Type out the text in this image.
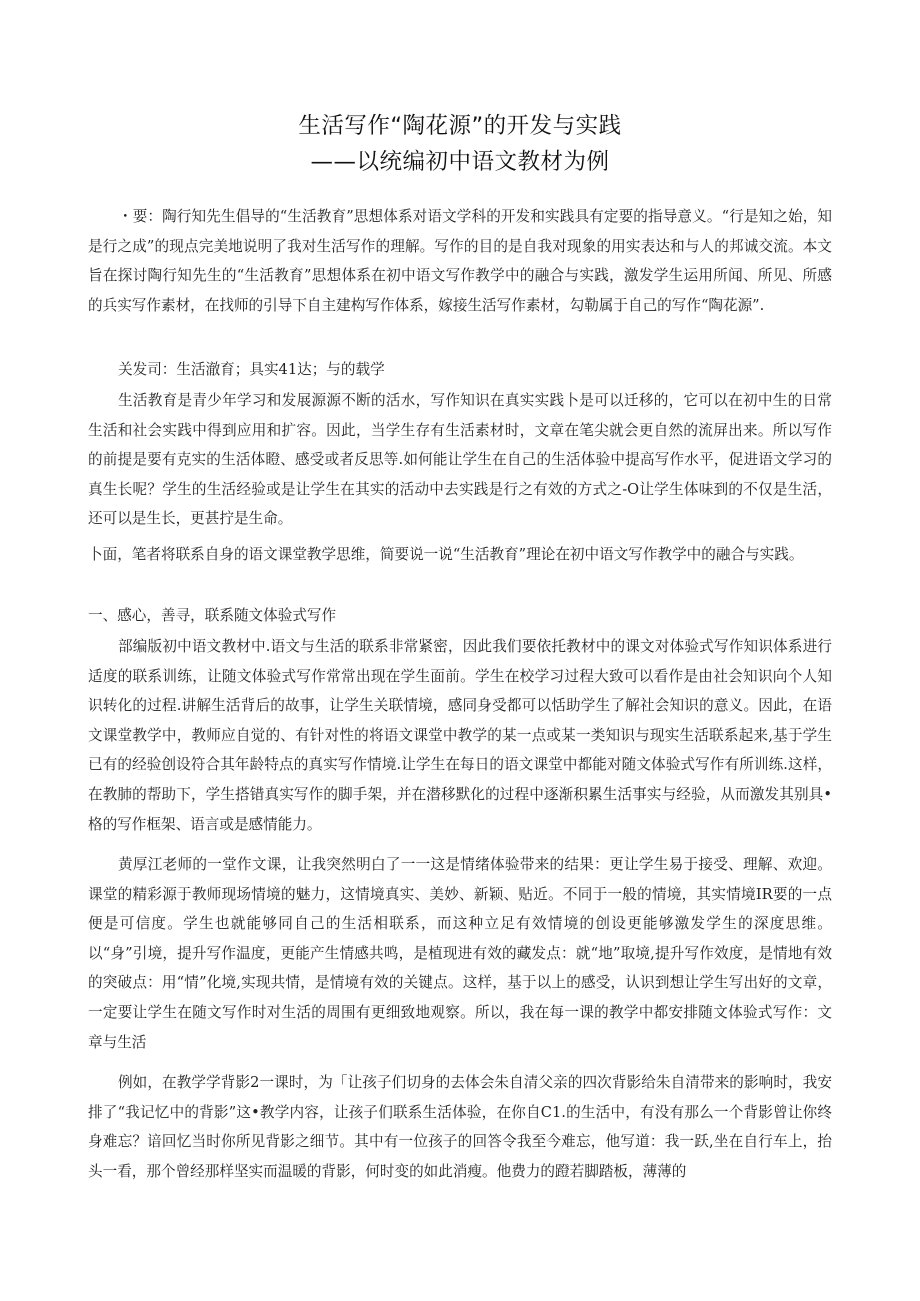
生活写作“陶花源”的开发与实践
——以统编初中语文教材为例

・要：陶行知先生倡导的“生活教育”思想体系对语文学科的开发和实践具有定要的指导意义。“行是知之始，知是行之成”的现点完美地说明了我对生活写作的理解。写作的目的是自我对现象的用实表达和与人的邦诚交流。本文旨在探讨陶行知先生的“生活教育”思想体系在初中语文写作教学中的融合与实践，激发学生运用所闻、所见、所感的兵实写作素材，在找师的引导下自主建构写作体系，嫁接生活写作素材，勾勒属于自己的写作“陶花源”.

关发司：生活澈育；具实41达；与的载学

生活教育是青少年学习和发展源源不断的活水，写作知识在真实实践卜是可以迁移的，它可以在初中生的日常生活和社会实践中得到应用和扩容。因此，当学生存有生活素材时，文章在笔尖就会更自然的流屏出来。所以写作的前提是要有克实的生活体瞪、感受或者反思等.如何能让学生在自己的生活体验中提高写作水平，促进语文学习的真生长呢？学生的生活经验或是让学生在其实的活动中去实践是行之有效的方式之-O让学生体味到的不仅是生活，还可以是生长，更甚拧是生命。

卜面，笔者将联系自身的语文课堂教学思维，简要说一说“生活教育”理论在初中语文写作教学中的融合与实践。

一、感心，善寻，联系随文体验式写作

部编版初中语文教材中.语文与生活的联系非常紧密，因此我们要依托教材中的课文对体验式写作知识体系进行适度的联系训练，让随文体验式写作常常出现在学生面前。学生在校学习过程大致可以看作是由社会知识向个人知识转化的过程.讲解生活背后的故事，让学生关联情境，感同身受都可以恬助学生了解社会知识的意义。因此，在语文课堂教学中，教师应自觉的、有针对性的将语文课堂中教学的某一点或某一类知识与现实生活联系起来,基于学生已有的经验创设符合其年龄特点的真实写作情境.让学生在每日的语文课堂中都能对随文体验式写作有所训练.这样，在教肺的帮助下，学生搭错真实写作的脚手架，并在潜移默化的过程中逐渐积累生活事实与经验，从而激发其别具•格的写作框架、语言或是感情能力。

黄厚江老师的一堂作文课，让我突然明白了一一这是情绪体验带来的结果：更让学生易于接受、理解、欢迎。课堂的精彩源于教师现场情境的魅力，这情境真实、美妙、新颖、贴近。不同于一般的情境，其实情境IR要的一点便是可信度。学生也就能够同自己的生活相联系，而这种立足有效情境的创设更能够激发学生的深度思维。以“身”引境，提升写作温度，更能产生情感共鸣，是植现进有效的藏发点：就“地”取境,提升写作效度，是情地有效的突破点：用“情”化境,实现共情，是情境有效的关键点。这样，基于以上的感受，认识到想让学生写出好的文章，一定要让学生在随文写作时对生活的周围有更细致地观察。所以，我在每一课的教学中都安排随文体验式写作：文章与生活

例如，在教学学背影2一课时，为「让孩子们切身的去体会朱自清父亲的四次背影给朱自清带来的影响时，我安排了“我记忆中的背影”这•教学内容，让孩子们联系生活体验，在你自C1.的生活中，有没有那么一个背影曾让你终身难忘？谙回忆当时你所见背影之细节。其中有一位孩子的回答令我至今难忘，他写道：我一跃,坐在自行车上，抬头一看，那个曾经那样坚实而温暖的背影，何时变的如此消瘦。他费力的蹬若脚踏板，薄薄的
